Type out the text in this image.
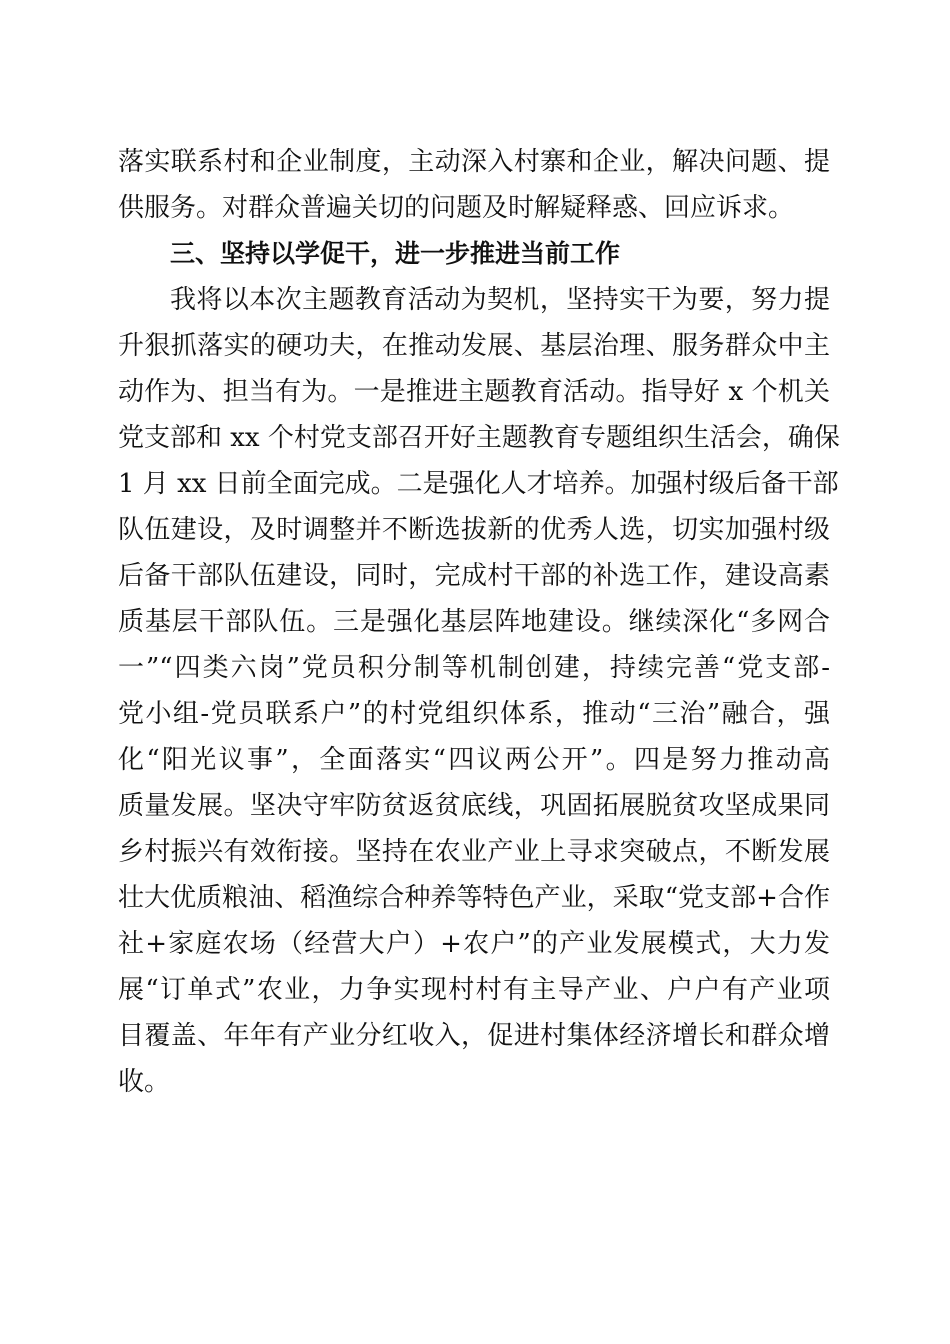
落实联系村和企业制度，主动深入村寨和企业，解决问题、提
供服务。对群众普遍关切的问题及时解疑释惑、回应诉求。
三、坚持以学促干，进一步推进当前工作
我将以本次主题教育活动为契机，坚持实干为要，努力提
升狠抓落实的硬功夫，在推动发展、基层治理、服务群众中主
动作为、担当有为。一是推进主题教育活动。指导好 x 个机关
党支部和 xx 个村党支部召开好主题教育专题组织生活会，确保
1 月 xx 日前全面完成。二是强化人才培养。加强村级后备干部
队伍建设，及时调整并不断选拔新的优秀人选，切实加强村级
后备干部队伍建设，同时，完成村干部的补选工作，建设高素
质基层干部队伍。三是强化基层阵地建设。继续深化“多网合
一”“四类六岗”党员积分制等机制创建，持续完善“党支部-
党小组-党员联系户”的村党组织体系，推动“三治”融合，强
化“阳光议事”，全面落实“四议两公开”。四是努力推动高
质量发展。坚决守牢防贫返贫底线，巩固拓展脱贫攻坚成果同
乡村振兴有效衔接。坚持在农业产业上寻求突破点，不断发展
壮大优质粮油、稻渔综合种养等特色产业，采取“党支部+合作
社+家庭农场（经营大户）+农户”的产业发展模式，大力发
展“订单式”农业，力争实现村村有主导产业、户户有产业项
目覆盖、年年有产业分红收入，促进村集体经济增长和群众增
收。
